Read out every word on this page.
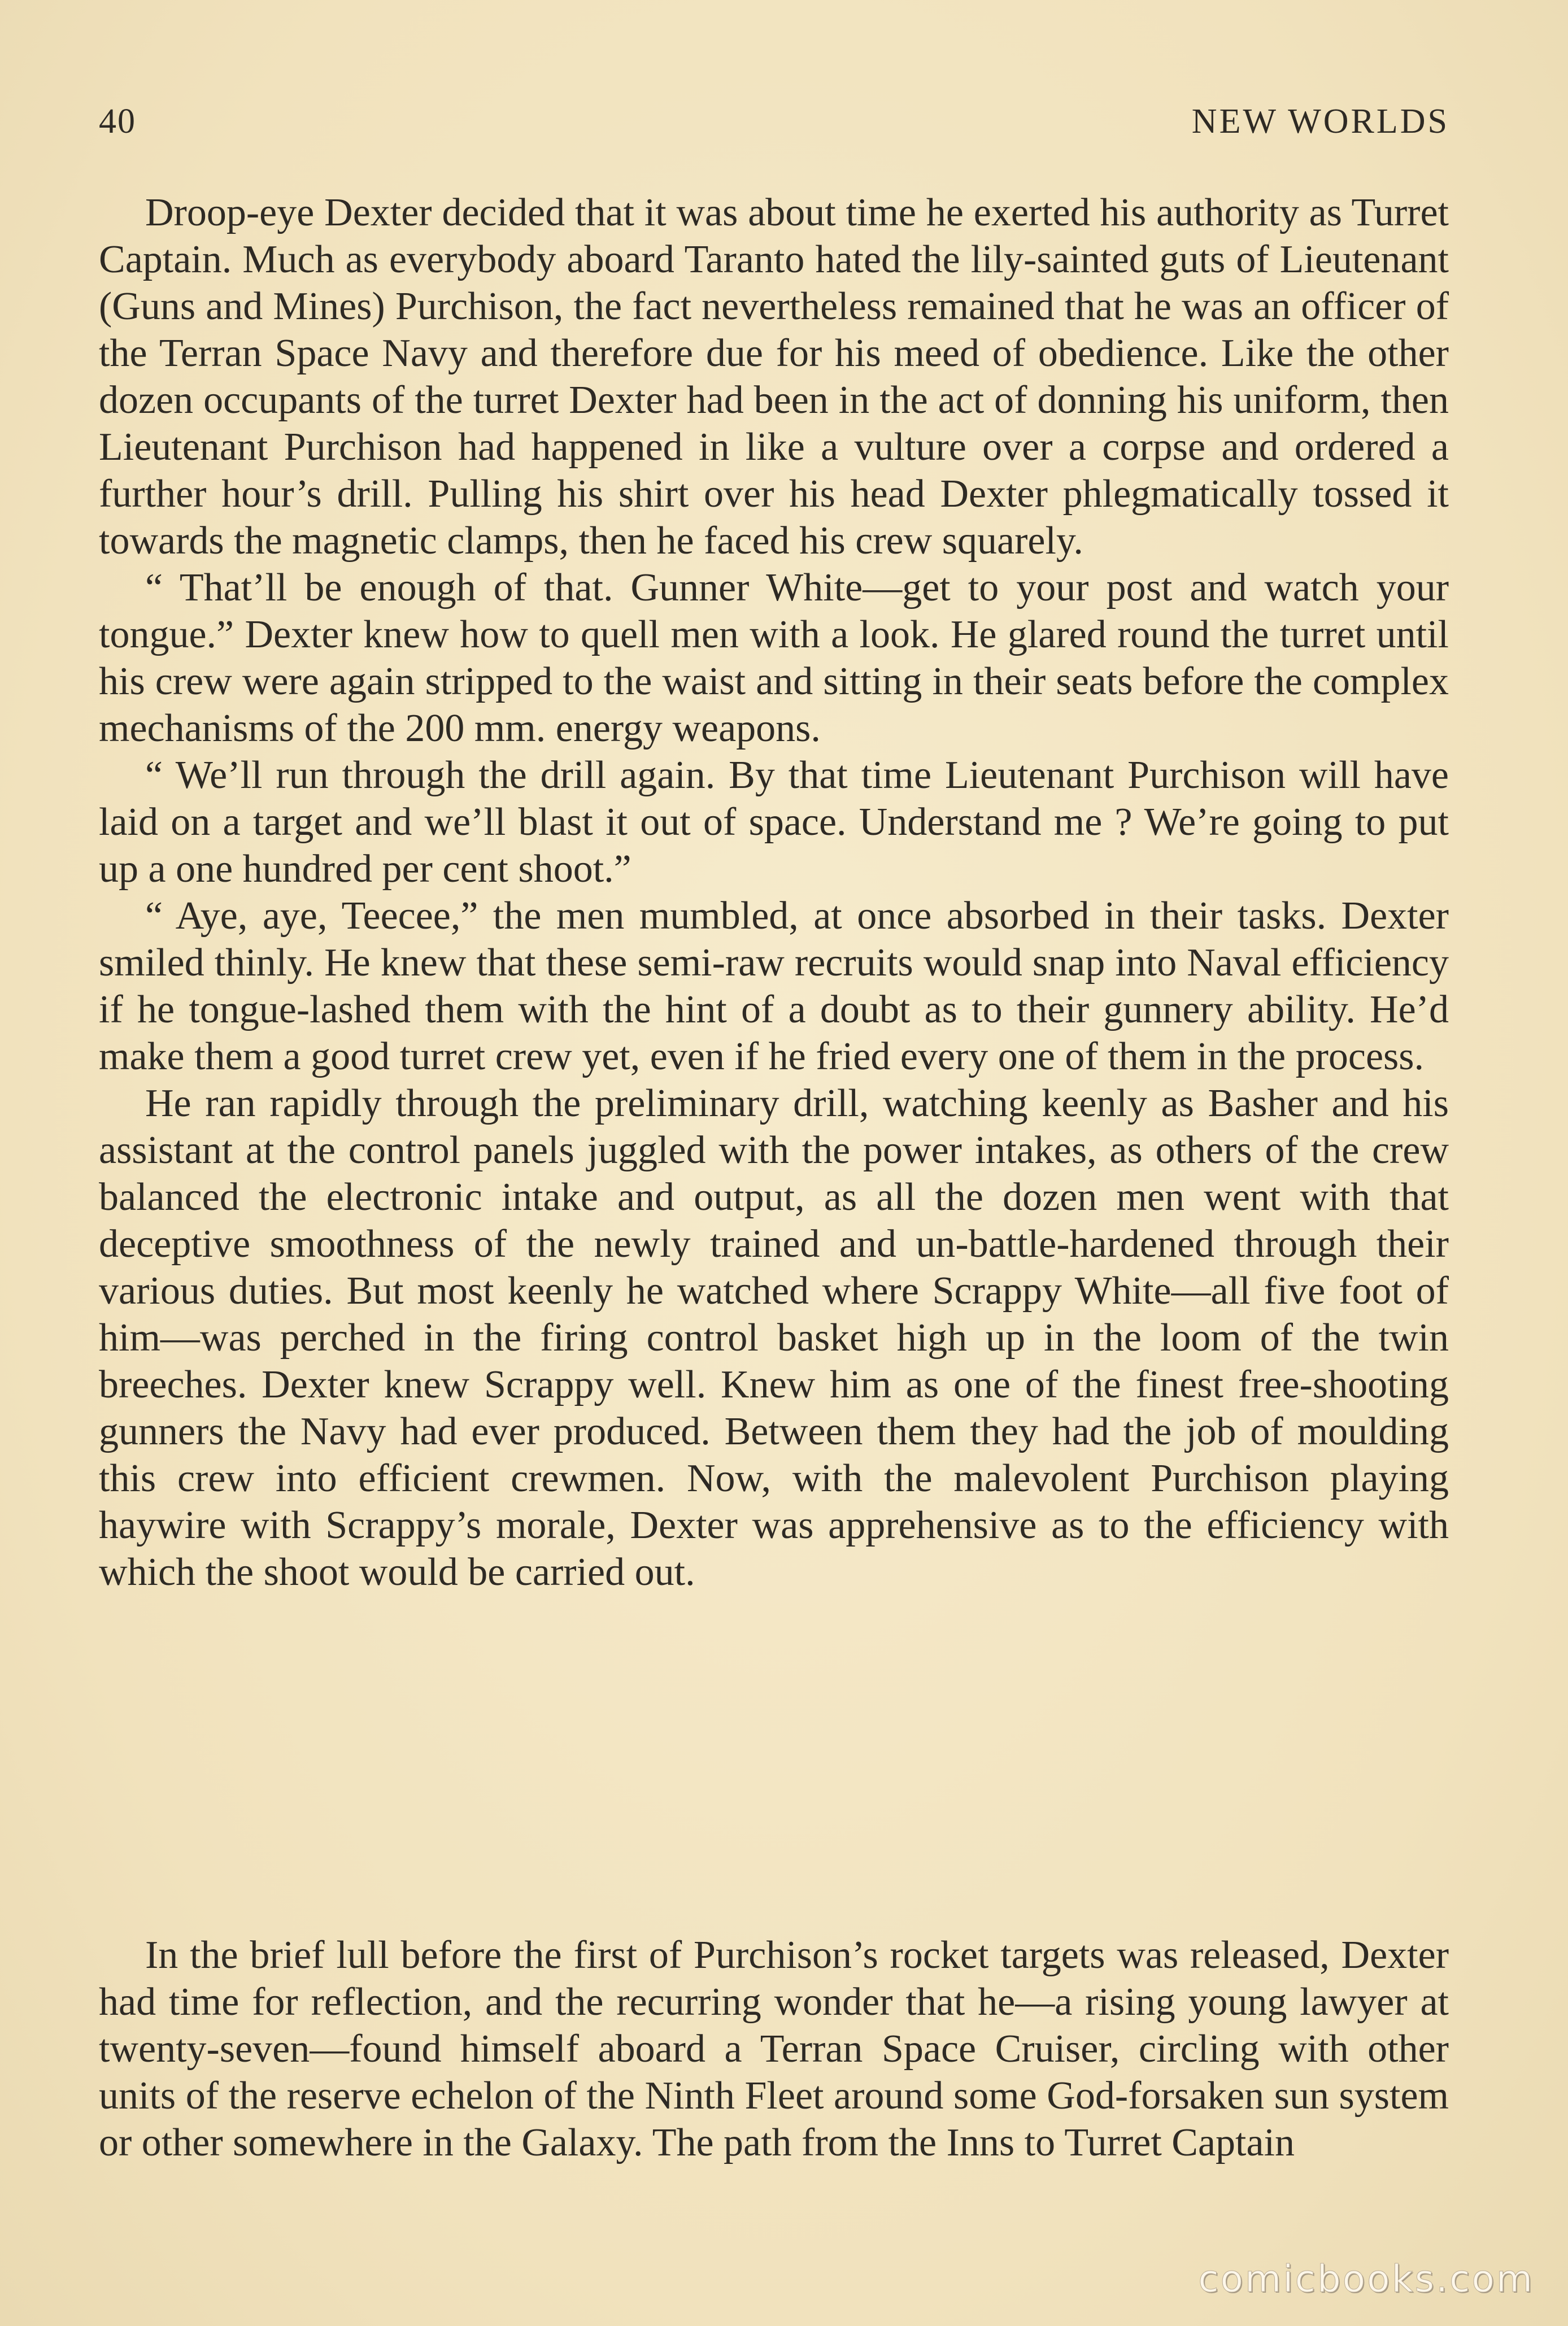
40	NEW WORLDS

Droop-eye Dexter decided that it was about time he exerted his authority as Turret Captain. Much as everybody aboard Taranto hated the lily-sainted guts of Lieutenant (Guns and Mines) Purchison, the fact nevertheless remained that he was an officer of the Terran Space Navy and therefore due for his meed of obedience. Like the other dozen occupants of the turret Dexter had been in the act of donning his uniform, then Lieutenant Purchison had happened in like a vulture over a corpse and ordered a further hour’s drill. Pulling his shirt over his head Dexter phlegmatically tossed it towards the magnetic clamps, then he faced his crew squarely.

“ That’ll be enough of that. Gunner White—get to your post and watch your tongue.” Dexter knew how to quell men with a look. He glared round the turret until his crew were again stripped to the waist and sitting in their seats before the complex mechanisms of the 200 mm. energy weapons.

“ We’ll run through the drill again. By that time Lieutenant Purchison will have laid on a target and we’ll blast it out of space. Understand me ? We’re going to put up a one hundred per cent shoot.”

“ Aye, aye, Teecee,” the men mumbled, at once absorbed in their tasks. Dexter smiled thinly. He knew that these semi-raw recruits would snap into Naval efficiency if he tongue-lashed them with the hint of a doubt as to their gunnery ability. He’d make them a good turret crew yet, even if he fried every one of them in the process.

He ran rapidly through the preliminary drill, watching keenly as Basher and his assistant at the control panels juggled with the power intakes, as others of the crew balanced the electronic intake and output, as all the dozen men went with that deceptive smoothness of the newly trained and un-battle-hardened through their various duties. But most keenly he watched where Scrappy White—all five foot of him—was perched in the firing control basket high up in the loom of the twin breeches. Dexter knew Scrappy well. Knew him as one of the finest free-shooting gunners the Navy had ever produced. Between them they had the job of moulding this crew into efficient crewmen. Now, with the malevolent Purchison playing haywire with Scrappy’s morale, Dexter was apprehensive as to the efficiency with which the shoot would be carried out.

In the brief lull before the first of Purchison’s rocket targets was released, Dexter had time for reflection, and the recurring wonder that he—a rising young lawyer at twenty-seven—found himself aboard a Terran Space Cruiser, circling with other units of the reserve echelon of the Ninth Fleet around some God-forsaken sun system or other somewhere in the Galaxy. The path from the Inns to Turret Captain

comicbooks.com
